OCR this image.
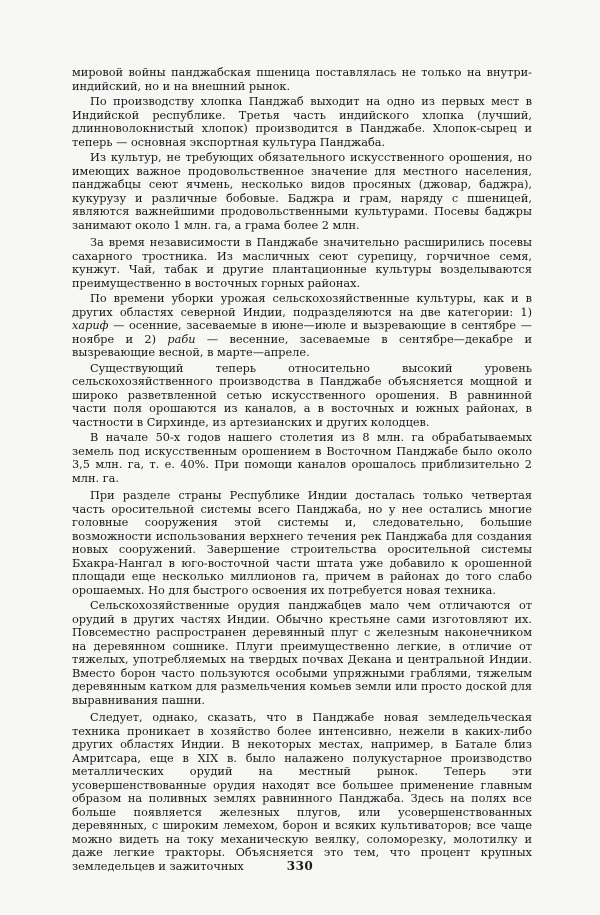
мировой войны панджабская пшеница поставлялась не только на внутри-индийский, но и на внешний рынок.

По производству хлопка Панджаб выходит на одно из первых мест в Индийской республике. Третья часть индийского хлопка (лучший, длинноволокнистый хлопок) производится в Панджабе. Хлопок-сырец и теперь — основная экспортная культура Панджаба.

Из культур, не требующих обязательного искусственного орошения, но имеющих важное продовольственное значение для местного населения, панджабцы сеют ячмень, несколько видов просяных (джовар, баджра), кукурузу и различные бобовые. Баджра и грам, наряду с пшеницей, являются важнейшими продовольственными культурами. Посевы баджры занимают около 1 млн. га, а грама более 2 млн.

За время независимости в Панджабе значительно расширились посевы сахарного тростника. Из масличных сеют сурепицу, горчичное семя, кунжут. Чай, табак и другие плантационные культуры возделываются преимущественно в восточных горных районах.

По времени уборки урожая сельскохозяйственные культуры, как и в других областях северной Индии, подразделяются на две категории: 1) хариф — осенние, засеваемые в июне—июле и вызревающие в сентябре — ноябре и 2) раби — весенние, засеваемые в сентябре—декабре и вызревающие весной, в марте—апреле.

Существующий теперь относительно высокий уровень сельскохозяйственного производства в Панджабе объясняется мощной и широко разветвленной сетью искусственного орошения. В равнинной части поля орошаются из каналов, а в восточных и южных районах, в частности в Сирхинде, из артезианских и других колодцев.

В начале 50-х годов нашего столетия из 8 млн. га обрабатываемых земель под искусственным орошением в Восточном Панджабе было около 3,5 млн. га, т. е. 40%. При помощи каналов орошалось приблизительно 2 млн. га.

При разделе страны Республике Индии досталась только четвертая часть оросительной системы всего Панджаба, но у нее остались многие головные сооружения этой системы и, следовательно, большие возможности использования верхнего течения рек Панджаба для создания новых сооружений. Завершение строительства оросительной системы Бхакра-Нангал в юго-восточной части штата уже добавило к орошенной площади еще несколько миллионов га, причем в районах до того слабо орошаемых. Но для быстрого освоения их потребуется новая техника.

Сельскохозяйственные орудия панджабцев мало чем отличаются от орудий в других частях Индии. Обычно крестьяне сами изготовляют их. Повсеместно распространен деревянный плуг с железным наконечником на деревянном сошнике. Плуги преимущественно легкие, в отличие от тяжелых, употребляемых на твердых почвах Декана и центральной Индии. Вместо борон часто пользуются особыми упряжными граблями, тяжелым деревянным катком для размельчения комьев земли или просто доской для выравнивания пашни.

Следует, однако, сказать, что в Панджабе новая земледельческая техника проникает в хозяйство более интенсивно, нежели в каких-либо других областях Индии. В некоторых местах, например, в Батале близ Амритсара, еще в XIX в. было налажено полукустарное производство металлических орудий на местный рынок. Теперь эти усовершенствованные орудия находят все большее применение главным образом на поливных землях равнинного Панджаба. Здесь на полях все больше появляется железных плугов, или усовершенствованных деревянных, с широким лемехом, борон и всяких культиваторов; все чаще можно видеть на току механическую веялку, соломорезку, молотилку и даже легкие тракторы. Объясняется это тем, что процент крупных земледельцев и зажиточных	330
